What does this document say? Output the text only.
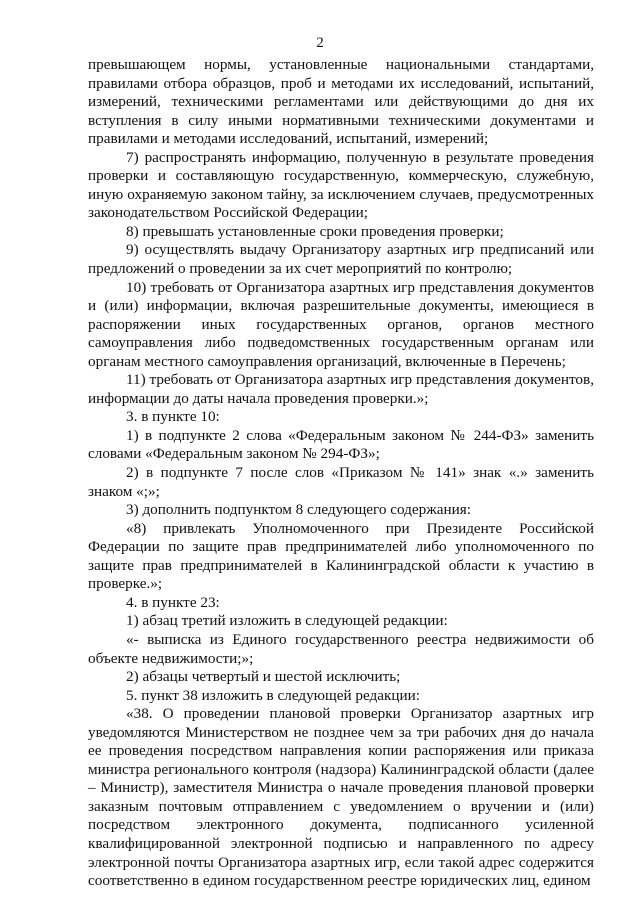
2

превышающем нормы, установленные национальными стандартами, правилами отбора образцов, проб и методами их исследований, испытаний, измерений, техническими регламентами или действующими до дня их вступления в силу иными нормативными техническими документами и правилами и методами исследований, испытаний, измерений;

7) распространять информацию, полученную в результате проведения проверки и составляющую государственную, коммерческую, служебную, иную охраняемую законом тайну, за исключением случаев, предусмотренных законодательством Российской Федерации;

8) превышать установленные сроки проведения проверки;

9) осуществлять выдачу Организатору азартных игр предписаний или предложений о проведении за их счет мероприятий по контролю;

10) требовать от Организатора азартных игр представления документов и (или) информации, включая разрешительные документы, имеющиеся в распоряжении иных государственных органов, органов местного самоуправления либо подведомственных государственным органам или органам местного самоуправления организаций, включенные в Перечень;

11) требовать от Организатора азартных игр представления документов, информации до даты начала проведения проверки.»;

3. в пункте 10:

1) в подпункте 2 слова «Федеральным законом № 244-ФЗ» заменить словами «Федеральным законом № 294-ФЗ»;

2) в подпункте 7 после слов «Приказом № 141» знак «.» заменить знаком «;»;

3) дополнить подпунктом 8 следующего содержания:

«8) привлекать Уполномоченного при Президенте Российской Федерации по защите прав предпринимателей либо уполномоченного по защите прав предпринимателей в Калининградской области к участию в проверке.»;

4. в пункте 23:

1) абзац третий изложить в следующей редакции:

«- выписка из Единого государственного реестра недвижимости об объекте недвижимости;»;

2) абзацы четвертый и шестой исключить;

5. пункт 38 изложить в следующей редакции:

«38. О проведении плановой проверки Организатор азартных игр уведомляются Министерством не позднее чем за три рабочих дня до начала ее проведения посредством направления копии распоряжения или приказа министра регионального контроля (надзора) Калининградской области (далее – Министр), заместителя Министра о начале проведения плановой проверки заказным почтовым отправлением с уведомлением о вручении и (или) посредством электронного документа, подписанного усиленной квалифицированной электронной подписью и направленного по адресу электронной почты Организатора азартных игр, если такой адрес содержится соответственно в едином государственном реестре юридических лиц, едином
